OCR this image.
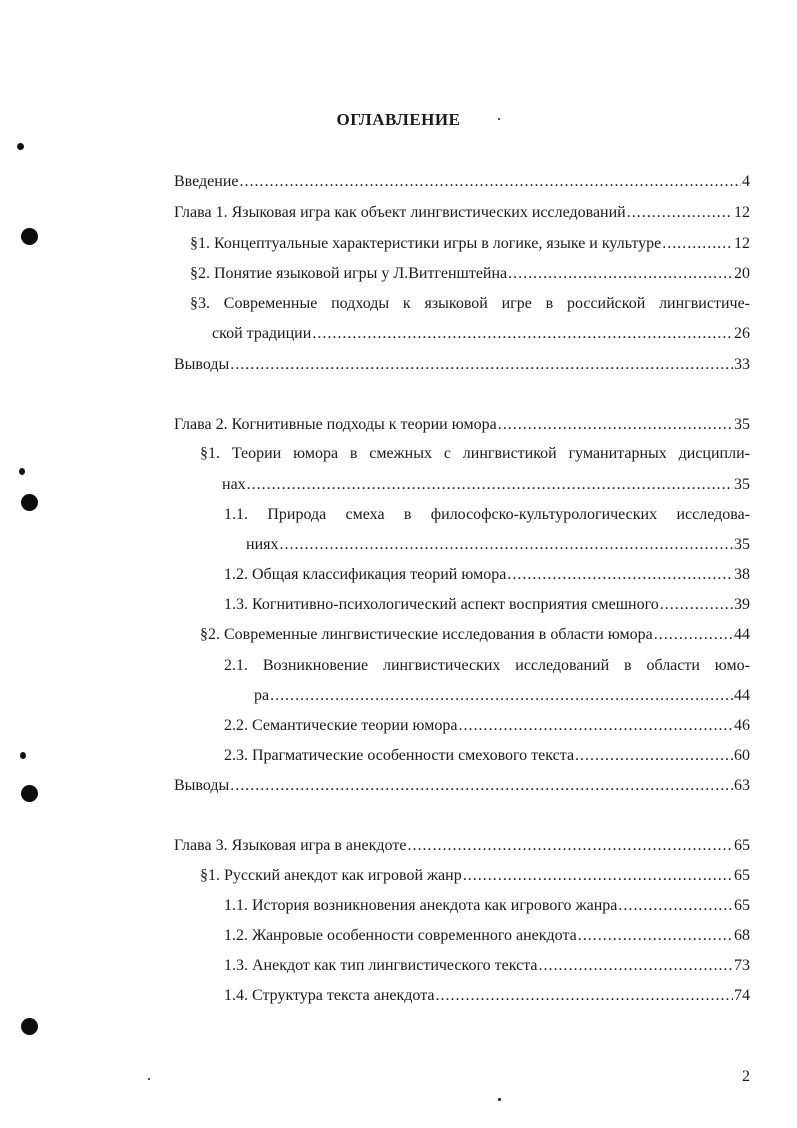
ОГЛАВЛЕНИЕ
Введение .....	4
Глава 1. Языковая игра как объект лингвистических исследований .....	12
§1. Концептуальные характеристики игры в логике, языке и культуре .....	12
§2. Понятие языковой игры у Л.Витгенштейна .....	20
§3. Современные подходы к языковой игре в российской лингвистиче-
ской традиции .....	26
Выводы .....	33
Глава 2. Когнитивные подходы к теории юмора .....	35
§1. Теории юмора в смежных с лингвистикой гуманитарных дисципли-
нах .....	35
1.1. Природа смеха в философско-культурологических исследова-
ниях .....	35
1.2. Общая классификация теорий юмора .....	38
1.3. Когнитивно-психологический аспект восприятия смешного .....	39
§2. Современные лингвистические исследования в области юмора .....	44
2.1. Возникновение лингвистических исследований в области юмо-
ра .....	44
2.2. Семантические теории юмора .....	46
2.3. Прагматические особенности смехового текста .....	60
Выводы .....	63
Глава 3. Языковая игра в анекдоте .....	65
§1. Русский анекдот как игровой жанр .....	65
1.1. История возникновения анекдота как игрового жанра .....	65
1.2. Жанровые особенности современного анекдота .....	68
1.3. Анекдот как тип лингвистического текста .....	73
1.4. Структура текста анекдота .....	74
2
